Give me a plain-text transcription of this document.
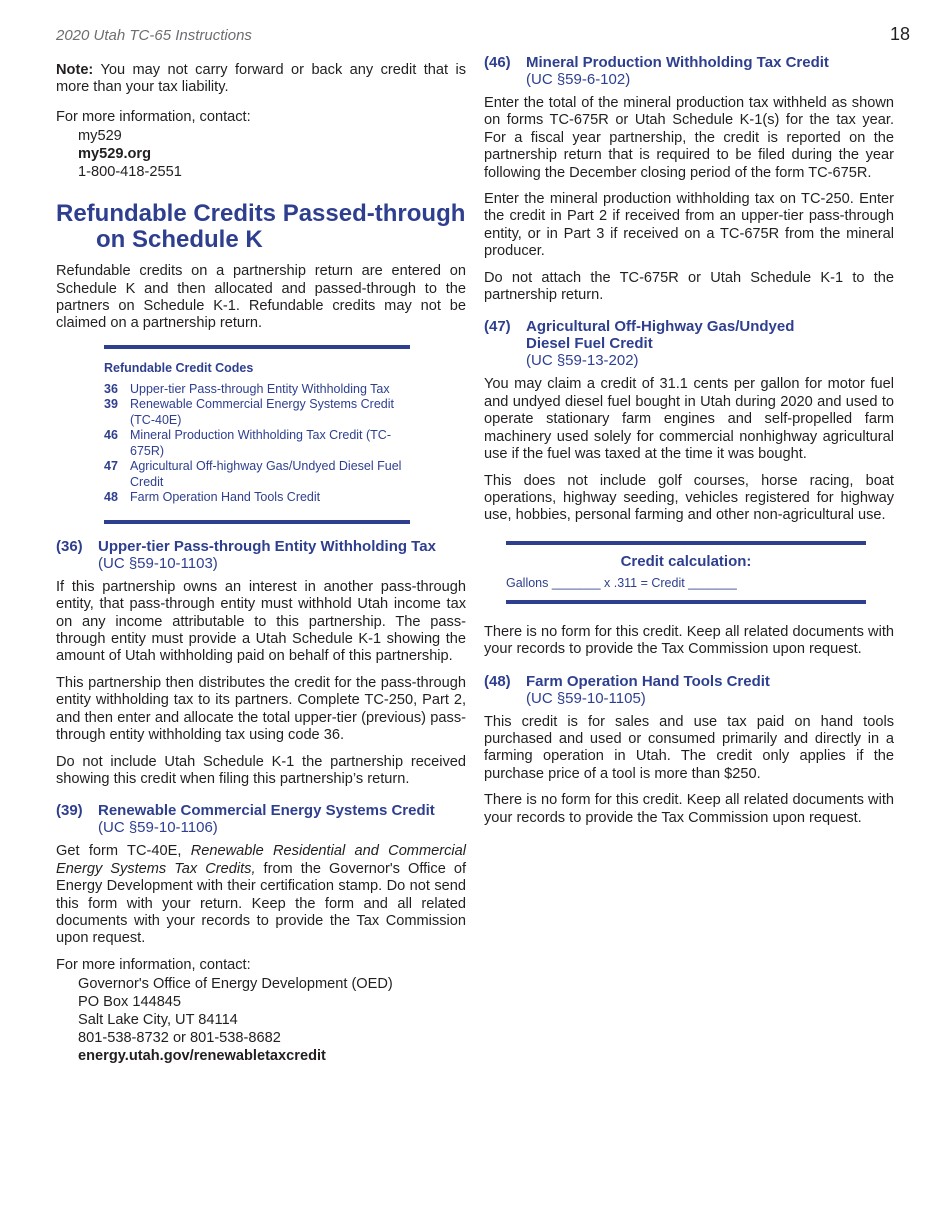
2020 Utah TC-65 Instructions	18

Note: You may not carry forward or back any credit that is more than your tax liability.

For more information, contact:

my529
my529.org
1-800-418-2551
Refundable Credits Passed-through
on Schedule K

Refundable credits on a partnership return are entered on Schedule K and then allocated and passed-through to the partners on Schedule K-1. Refundable credits may not be claimed on a partnership return.

Refundable Credit Codes
36 Upper-tier Pass-through Entity Withholding Tax
39 Renewable Commercial Energy Systems Credit (TC-40E)
46 Mineral Production Withholding Tax Credit (TC-675R)
47 Agricultural Off-highway Gas/Undyed Diesel Fuel Credit
48 Farm Operation Hand Tools Credit
(36)	Upper-tier Pass-through Entity Withholding Tax
(UC §59-10-1103)

If this partnership owns an interest in another pass-through entity, that pass-through entity must withhold Utah income tax on any income attributable to this partnership. The pass-through entity must provide a Utah Schedule K-1 showing the amount of Utah withholding paid on behalf of this partnership.

This partnership then distributes the credit for the pass-through entity withholding tax to its partners. Complete TC-250, Part 2, and then enter and allocate the total upper-tier (previous) pass-through entity withholding tax using code 36.

Do not include Utah Schedule K-1 the partnership received showing this credit when filing this partnership’s return.

(39)	Renewable Commercial Energy Systems Credit
(UC §59-10-1106)

Get form TC-40E, Renewable Residential and Commercial Energy Systems Tax Credits, from the Governor's Office of Energy Development with their certification stamp. Do not send this form with your return. Keep the form and all related documents with your records to provide the Tax Commission upon request.

For more information, contact:

Governor's Office of Energy Development (OED)
PO Box 144845
Salt Lake City, UT 84114
801-538-8732 or 801-538-8682
energy.utah.gov/renewabletaxcredit
(46)	Mineral Production Withholding Tax Credit
(UC §59-6-102)

Enter the total of the mineral production tax withheld as shown on forms TC-675R or Utah Schedule K-1(s) for the tax year. For a fiscal year partnership, the credit is reported on the partnership return that is required to be filed during the year following the December closing period of the form TC-675R.

Enter the mineral production withholding tax on TC-250. Enter the credit in Part 2 if received from an upper-tier pass-through entity, or in Part 3 if received on a TC-675R from the mineral producer.

Do not attach the TC-675R or Utah Schedule K-1 to the partnership return.

(47)	Agricultural Off-Highway Gas/Undyed
Diesel Fuel Credit
(UC §59-13-202)

You may claim a credit of 31.1 cents per gallon for motor fuel and undyed diesel fuel bought in Utah during 2020 and used to operate stationary farm engines and self-propelled farm machinery used solely for commercial nonhighway agricultural use if the fuel was taxed at the time it was bought.

This does not include golf courses, horse racing, boat operations, highway seeding, vehicles registered for highway use, hobbies, personal farming and other non-agricultural use.

Credit calculation:
Gallons _______ x .311 = Credit _______

There is no form for this credit. Keep all related documents with your records to provide the Tax Commission upon request.

(48)	Farm Operation Hand Tools Credit
(UC §59-10-1105)

This credit is for sales and use tax paid on hand tools purchased and used or consumed primarily and directly in a farming operation in Utah. The credit only applies if the purchase price of a tool is more than $250.

There is no form for this credit. Keep all related documents with your records to provide the Tax Commission upon request.
